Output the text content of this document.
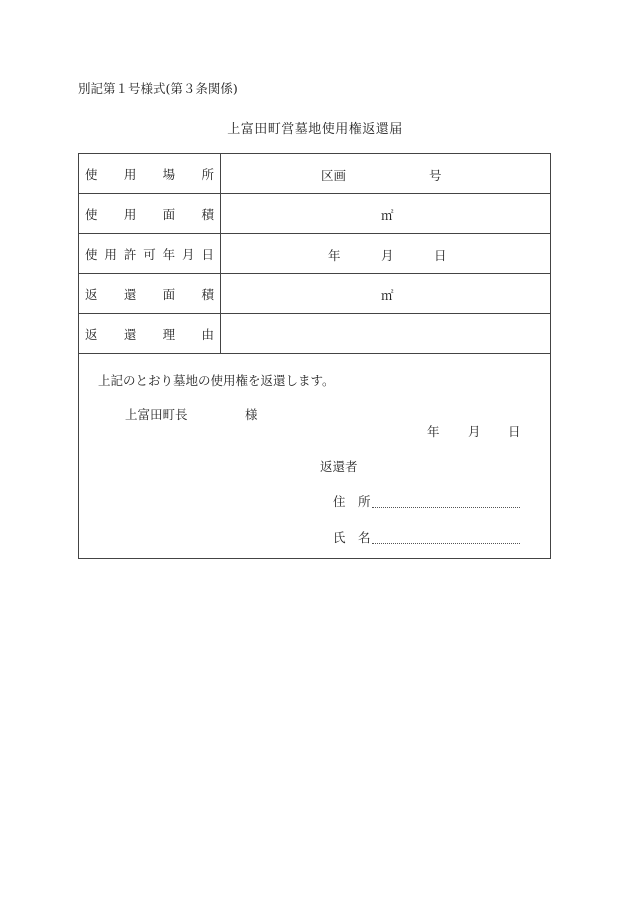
別記第１号様式(第３条関係)
上富田町営墓地使用権返還届
使 用 場 所	区画	号
使 用 面 積	㎡
使 用 許 可 年 月 日	年	月	日
返 還 面 積	㎡
返 還 理 由
上記のとおり墓地の使用権を返還します。
上富田町長	様
年 月 日
返還者
住　所
氏　名
